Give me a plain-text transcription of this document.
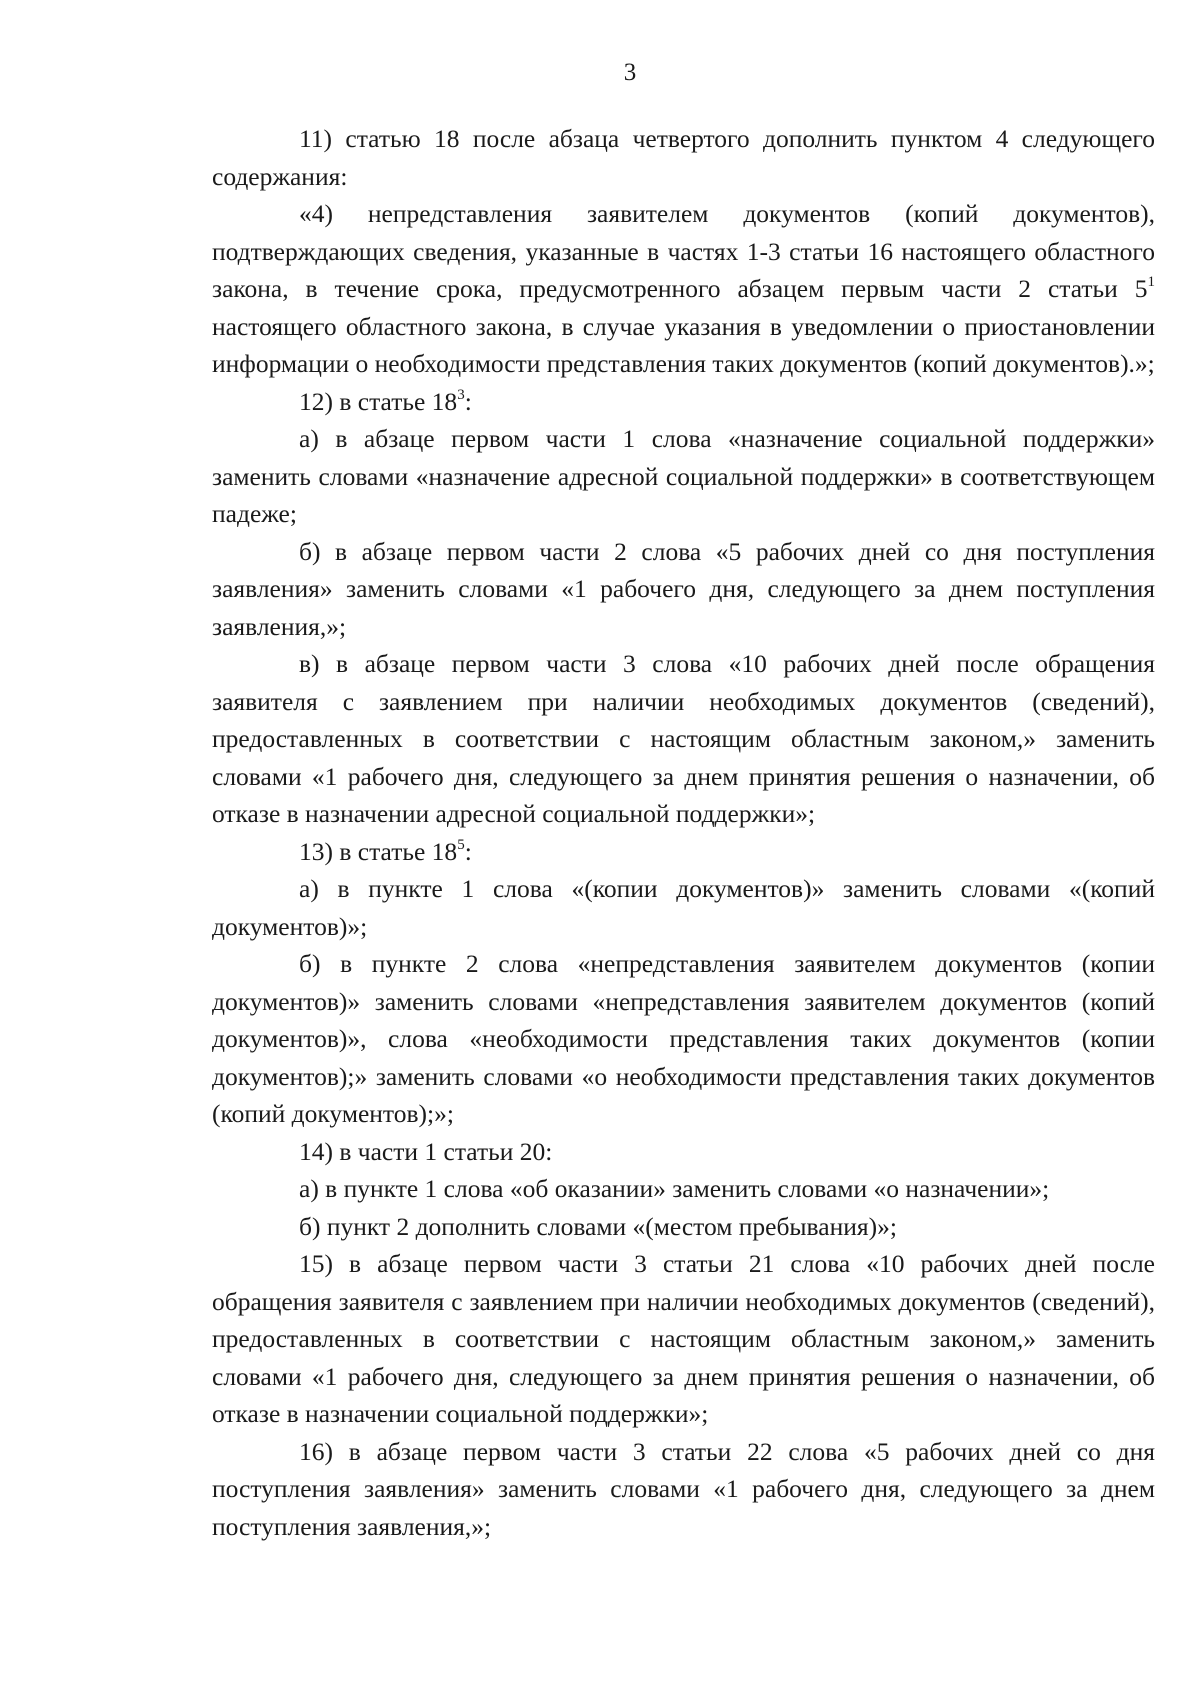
3

11) статью 18 после абзаца четвертого дополнить пунктом 4 следующего содержания:

«4) непредставления заявителем документов (копий документов), подтверждающих сведения, указанные в частях 1-3 статьи 16 настоящего областного закона, в течение срока, предусмотренного абзацем первым части 2 статьи $5^1$ настоящего областного закона, в случае указания в уведомлении о приостановлении информации о необходимости представления таких документов (копий документов).»;

12) в статье $18^3$:

а) в абзаце первом части 1 слова «назначение социальной поддержки» заменить словами «назначение адресной социальной поддержки» в соответствующем падеже;

б) в абзаце первом части 2 слова «5 рабочих дней со дня поступления заявления» заменить словами «1 рабочего дня, следующего за днем поступления заявления,»;

в) в абзаце первом части 3 слова «10 рабочих дней после обращения заявителя с заявлением при наличии необходимых документов (сведений), предоставленных в соответствии с настоящим областным законом,» заменить словами «1 рабочего дня, следующего за днем принятия решения о назначении, об отказе в назначении адресной социальной поддержки»;

13) в статье $18^5$:

а) в пункте 1 слова «(копии документов)» заменить словами «(копий документов)»;

б) в пункте 2 слова «непредставления заявителем документов (копии документов)» заменить словами «непредставления заявителем документов (копий документов)», слова «необходимости представления таких документов (копии документов);» заменить словами «о необходимости представления таких документов (копий документов);»;

14) в части 1 статьи 20:

а) в пункте 1 слова «об оказании» заменить словами «о назначении»;

б) пункт 2 дополнить словами «(местом пребывания)»;

15) в абзаце первом части 3 статьи 21 слова «10 рабочих дней после обращения заявителя с заявлением при наличии необходимых документов (сведений), предоставленных в соответствии с настоящим областным законом,» заменить словами «1 рабочего дня, следующего за днем принятия решения о назначении, об отказе в назначении социальной поддержки»;

16) в абзаце первом части 3 статьи 22 слова «5 рабочих дней со дня поступления заявления» заменить словами «1 рабочего дня, следующего за днем поступления заявления,»;
